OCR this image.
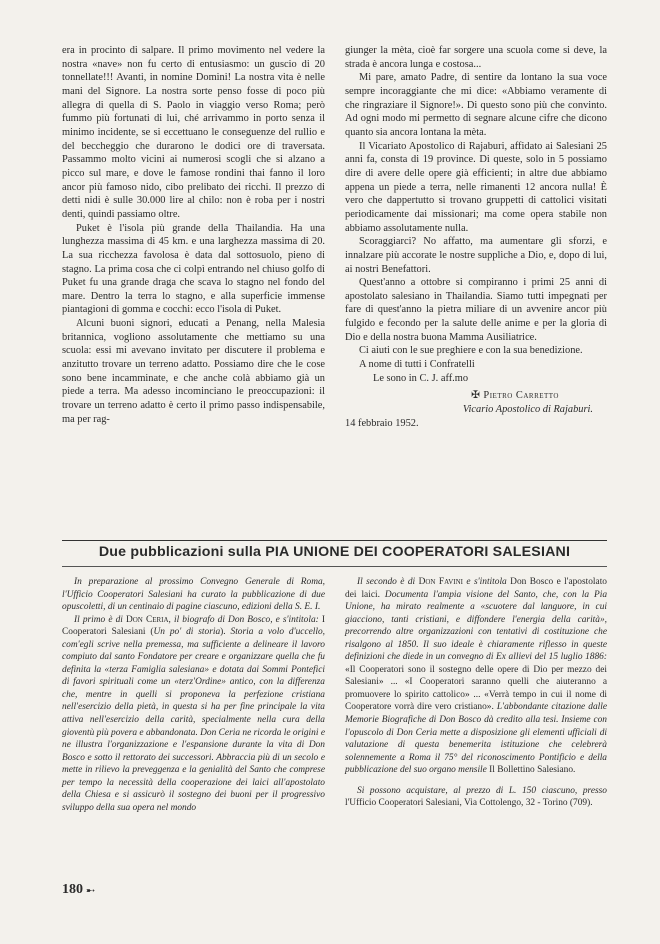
era in procinto di salpare. Il primo movimento nel vedere la nostra «nave» non fu certo di entusiasmo: un guscio di 20 tonnellate!!! Avanti, in nomine Domini! La nostra vita è nelle mani del Signore. La nostra sorte penso fosse di poco più allegra di quella di S. Paolo in viaggio verso Roma; però fummo più fortunati di lui, ché arrivammo in porto senza il minimo incidente, se si eccettuano le conseguenze del rullio e del beccheggio che durarono le dodici ore di traversata. Passammo molto vicini ai numerosi scogli che si alzano a picco sul mare, e dove le famose rondini thai fanno il loro ancor più famoso nido, cibo prelibato dei ricchi. Il prezzo di detti nidi è sulle 30.000 lire al chilo: non è roba per i nostri denti, quindi passiamo oltre.

Puket è l'isola più grande della Thailandia. Ha una lunghezza massima di 45 km. e una larghezza massima di 20. La sua ricchezza favolosa è data dal sottosuolo, pieno di stagno. La prima cosa che ci colpì entrando nel chiuso golfo di Puket fu una grande draga che scava lo stagno nel fondo del mare. Dentro la terra lo stagno, e alla superficie immense piantagioni di gomma e cocchi: ecco l'isola di Puket.

Alcuni buoni signori, educati a Penang, nella Malesia britannica, vogliono assolutamente che mettiamo su una scuola: essi mi avevano invitato per discutere il problema e anzitutto trovare un terreno adatto. Possiamo dire che le cose sono bene incamminate, e che anche colà abbiamo già un piede a terra. Ma adesso incominciano le preoccupazioni: il trovare un terreno adatto è certo il primo passo indispensabile, ma per rag-

giunger la mèta, cioè far sorgere una scuola come si deve, la strada è ancora lunga e costosa...

Mi pare, amato Padre, di sentire da lontano la sua voce sempre incoraggiante che mi dice: «Abbiamo veramente di che ringraziare il Signore!». Di questo sono più che convinto. Ad ogni modo mi permetto di segnare alcune cifre che dicono quanto sia ancora lontana la mèta.

Il Vicariato Apostolico di Rajaburi, affidato ai Salesiani 25 anni fa, consta di 19 province. Di queste, solo in 5 possiamo dire di avere delle opere già efficienti; in altre due abbiamo appena un piede a terra, nelle rimanenti 12 ancora nulla! È vero che dappertutto si trovano gruppetti di cattolici visitati periodicamente dai missionari; ma come opera stabile non abbiamo assolutamente nulla.

Scoraggiarci? No affatto, ma aumentare gli sforzi, e innalzare più accorate le nostre suppliche a Dio, e, dopo di lui, ai nostri Benefattori.

Quest'anno a ottobre si compiranno i primi 25 anni di apostolato salesiano in Thailandia. Siamo tutti impegnati per fare di quest'anno la pietra miliare di un avvenire ancor più fulgido e fecondo per la salute delle anime e per la gloria di Dio e della nostra buona Mamma Ausiliatrice.

Ci aiuti con le sue preghiere e con la sua benedizione.

A nome di tutti i Confratelli
Le sono in C. J. aff.mo
✠ Pietro Carretto
Vicario Apostolico di Rajaburi.
14 febbraio 1952.
Due pubblicazioni sulla PIA UNIONE DEI COOPERATORI SALESIANI

In preparazione al prossimo Convegno Generale di Roma, l'Ufficio Cooperatori Salesiani ha curato la pubblicazione di due opuscoletti, di un centinaio di pagine ciascuno, edizioni della S. E. I.

Il primo è di Don Ceria, il biografo di Don Bosco, e s'intitola: I Cooperatori Salesiani (Un po' di storia). Storia a volo d'uccello, com'egli scrive nella premessa, ma sufficiente a delineare il lavoro compiuto dal santo Fondatore per creare e organizzare quella che fu definita la «terza Famiglia salesiana» e dotata dai Sommi Pontefici di favori spirituali come un «terz'Ordine» antico, con la differenza che, mentre in quelli si proponeva la perfezione cristiana nell'esercizio della pietà, in questa si ha per fine principale la vita attiva nell'esercizio della carità, specialmente nella cura della gioventù più povera e abbandonata. Don Ceria ne ricorda le origini e ne illustra l'organizzazione e l'espansione durante la vita di Don Bosco e sotto il rettorato dei successori. Abbraccia più di un secolo e mette in rilievo la preveggenza e la genialità del Santo che comprese per tempo la necessità della cooperazione dei laici all'apostolato della Chiesa e si assicurò il sostegno dei buoni per il progressivo sviluppo della sua opera nel mondo

Il secondo è di Don Favini e s'intitola Don Bosco e l'apostolato dei laici. Documenta l'ampia visione del Santo, che, con la Pia Unione, ha mirato realmente a «scuotere dal languore, in cui giacciono, tanti cristiani, e diffondere l'energia della carità», precorrendo altre organizzazioni con tentativi di costituzione che risalgono al 1850. Il suo ideale è chiaramente riflesso in queste definizioni che diede in un convegno di Ex allievi del 15 luglio 1886: «Il Cooperatori sono il sostegno delle opere di Dio per mezzo dei Salesiani» ... «I Cooperatori saranno quelli che aiuteranno a promuovere lo spirito cattolico» ... «Verrà tempo in cui il nome di Cooperatore vorrà dire vero cristiano». L'abbondante citazione dalle Memorie Biografiche di Don Bosco dà credito alla tesi. Insieme con l'opuscolo di Don Ceria mette a disposizione gli elementi ufficiali di valutazione di questa benemerita istituzione che celebrerà solennemente a Roma il 75° del riconoscimento Pontificio e della pubblicazione del suo organo mensile Il Bollettino Salesiano.

Si possono acquistare, al prezzo di L. 150 ciascuno, presso l'Ufficio Cooperatori Salesiani, Via Cottolengo, 32 - Torino (709).

180 ➸
